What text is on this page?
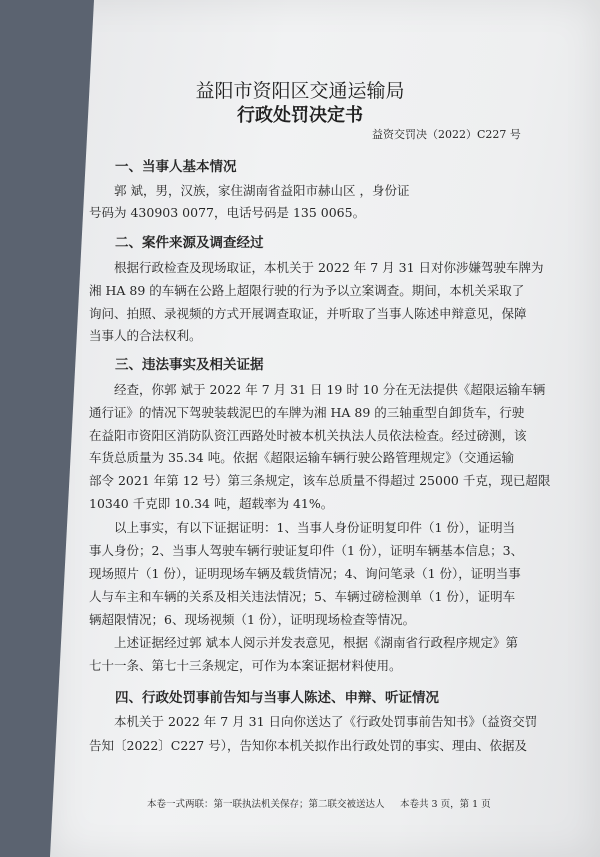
益阳市资阳区交通运输局
行政处罚决定书
益资交罚决（2022）C227 号
一、当事人基本情况
郭 斌，男，汉族，家住湖南省益阳市赫山区 ，身份证
号码为 430903 0077，电话号码是 135 0065。
二、案件来源及调查经过
根据行政检查及现场取证，本机关于 2022 年 7 月 31 日对你涉嫌驾驶车牌为
湘 HA 89 的车辆在公路上超限行驶的行为予以立案调查。期间，本机关采取了
询问、拍照、录视频的方式开展调查取证，并听取了当事人陈述申辩意见，保障
当事人的合法权利。
三、违法事实及相关证据
经查，你郭 斌于 2022 年 7 月 31 日 19 时 10 分在无法提供《超限运输车辆
通行证》的情况下驾驶装载泥巴的车牌为湘 HA 89 的三轴重型自卸货车，行驶
在益阳市资阳区消防队资江西路处时被本机关执法人员依法检查。经过磅测，该
车货总质量为 35.34 吨。依据《超限运输车辆行驶公路管理规定》（交通运输
部令 2021 年第 12 号）第三条规定，该车总质量不得超过 25000 千克，现已超限
10340 千克即 10.34 吨，超载率为 41%。
以上事实，有以下证据证明：1、当事人身份证明复印件（1 份），证明当
事人身份；2、当事人驾驶车辆行驶证复印件（1 份），证明车辆基本信息；3、
现场照片（1 份），证明现场车辆及载货情况；4、询问笔录（1 份），证明当事
人与车主和车辆的关系及相关违法情况；5、车辆过磅检测单（1 份），证明车
辆超限情况；6、现场视频（1 份），证明现场检查等情况。
上述证据经过郭 斌本人阅示并发表意见，根据《湖南省行政程序规定》第
七十一条、第七十三条规定，可作为本案证据材料使用。
四、行政处罚事前告知与当事人陈述、申辩、听证情况
本机关于 2022 年 7 月 31 日向你送达了《行政处罚事前告知书》（益资交罚
告知〔2022〕C227 号），告知你本机关拟作出行政处罚的事实、理由、依据及
本卷一式两联：第一联执法机关保存；第二联交被送达人 本卷共 3 页，第 1 页
